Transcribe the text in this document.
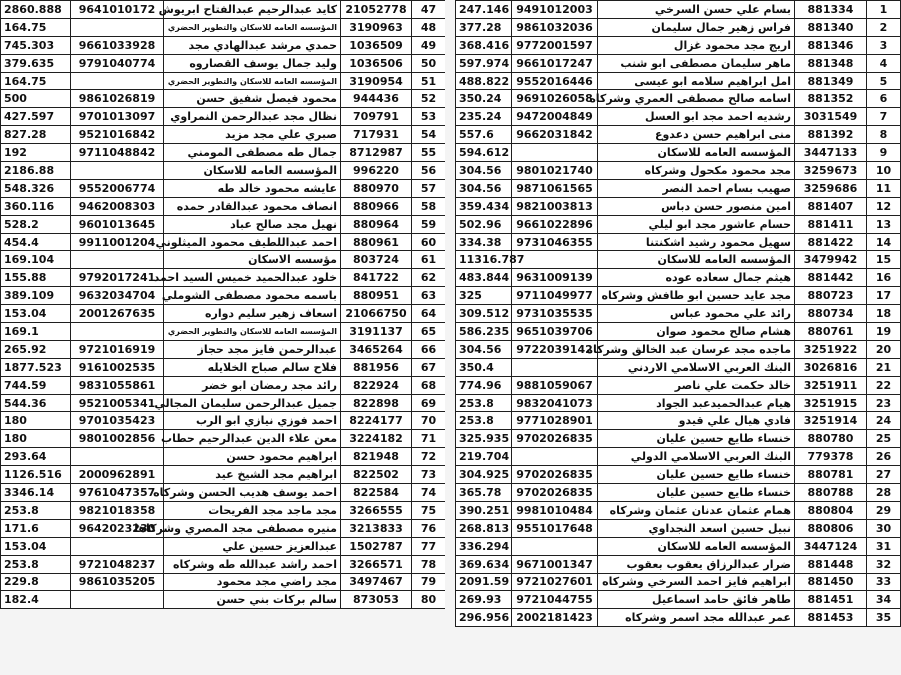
2860.888	9641010172	كايد عبدالرحيم عبدالفتاح ابريوش	21052778	47
164.75		المؤسسه العامه للاسكان والتطوير الحضري	3190963	48
745.303	9661033928	حمدي مرشد عبدالهادي مجد	1036509	49
379.635	9791040774	وليد جمال يوسف القصاروه	1036506	50
164.75		المؤسسه العامه للاسكان والتطوير الحضري	3190954	51
500	9861026819	محمود فيصل شفيق حسن	944436	52
427.597	9701013097	نظال مجد عبدالرحمن النمراوي	709791	53
827.28	9521016842	صبري علي مجد مزيد	717931	54
192	9711048842	جمال طه مصطفى المومني	8712987	55
2186.88		المؤسسه العامه للاسكان	996220	56
548.326	9552006774	عايشه محمود خالد طه	880970	57
360.116	9462008303	انصاف محمود عبدالقادر حمده	880966	58
528.2	9601013645	نهيل مجد صالح عباد	880964	59
454.4	9911001204	احمد عبداللطيف محمود الميثلوني	880961	60
169.104		مؤسسه الاسكان	803724	61
155.88	9792017241	خلود عبدالحميد خميس السيد احمد	841722	62
389.109	9632034704	باسمه محمود مصطفى الشوملي	880951	63
153.04	2001267635	اسعاف زهير سليم دواره	21066750	64
169.1		المؤسسه العامه للاسكان والتطوير الحضري	3191137	65
265.92	9721016919	عبدالرحمن فايز مجد حجاز	3465264	66
1877.523	9161002535	فلاح سالم صباح الخلايله	881956	67
744.59	9831055861	رائد مجد رمضان ابو خضر	822924	68
544.36	9521005341	جميل عبدالرحمن سليمان المجالي	822898	69
180	9701035423	احمد فوزي نيازي ابو الرب	8224177	70
180	9801002856	معن علاء الدين عبدالرحيم حطاب	3224182	71
293.64		ابراهيم محمود حسن	821948	72
1126.516	2000962891	ابراهيم مجد الشيخ عيد	822502	73
3346.14	9761047357	احمد يوسف هديب الحسن وشركاه	822584	74
253.8	9821018358	مجد ماجد مجد الفريحات	3266555	75
171.6	9642023230	منيره مصطفى مجد المصري وشركاها	3213833	76
153.04		عبدالعزيز حسين علي	1502787	77
253.8	9721048237	احمد راشد عبدالله طه وشركاه	3266571	78
229.8	9861035205	مجد راضي مجد محمود	3497467	79
182.4		سالم بركات بني حسن	873053	80
247.146	9491012003	بسام علي حسن السرخي	881334	1
377.28	9861032036	فراس زهير جمال سليمان	881340	2
368.416	9772001597	اريج مجد محمود غزال	881346	3
597.974	9661017247	ماهر سليمان مصطفى ابو شنب	881348	4
488.822	9552016446	امل ابراهيم سلامه ابو عيسى	881349	5
350.24	9691026058	اسامه صالح مصطفى العمري وشركاه	881352	6
235.24	9472004849	رشديه احمد مجد ابو العسل	3031549	7
557.6	9662031842	منى ابراهيم حسن دعدوع	881392	8
594.612		المؤسسه العامه للاسكان	3447133	9
304.56	9801021740	مجد محمود مكحول وشركاه	3259673	10
304.56	9871061565	صهيب بسام احمد النصر	3259686	11
359.434	9821003813	امين منصور حسن دباس	881407	12
502.96	9661022896	حسام عاشور مجد ابو ليلي	881411	13
334.38	9731046355	سهيل محمود رشيد اشكنتنا	881422	14
11316.787		المؤسسه العامه للاسكان	3479942	15
483.844	9631009139	هيثم جمال سعاده عوده	881442	16
325	9711049977	مجد عايد حسين ابو طافش وشركاه	880723	17
309.512	9731035535	رائد علي محمود عباس	880734	18
586.235	9651039706	هشام صالح محمود صوان	880761	19
304.56	9722039142	ماجده مجد عرسان عبد الخالق وشركاه	3251922	20
350.4		البنك العربي الاسلامي الاردني	3026816	21
774.96	9881059067	خالد حكمت علي ناصر	3251911	22
253.8	9832041073	هيام عبدالحميدعبد الجواد	3251915	23
253.8	9771028901	فادي هيال علي قيدو	3251914	24
325.935	9702026835	خنساء طايع حسين عليان	880780	25
219.704		البنك العربي الاسلامي الدولي	779378	26
304.925	9702026835	خنساء طايع حسين عليان	880781	27
365.78	9702026835	خنساء طايع حسين عليان	880788	28
390.251	9981010484	همام عثمان عدنان عثمان وشركاه	880804	29
268.813	9551017648	نبيل حسين اسعد النجداوي	880806	30
336.294		المؤسسه العامه للاسكان	3447124	31
369.634	9671001347	ضرار عبدالرزاق يعقوب بعقوب	881448	32
2091.59	9721027601	ابراهيم فايز احمد السرخي وشركاه	881450	33
269.93	9721044755	طاهر فائق حامد اسماعيل	881451	34
296.956	2002181423	عمر عبدالله مجد اسمر وشركاه	881453	35
